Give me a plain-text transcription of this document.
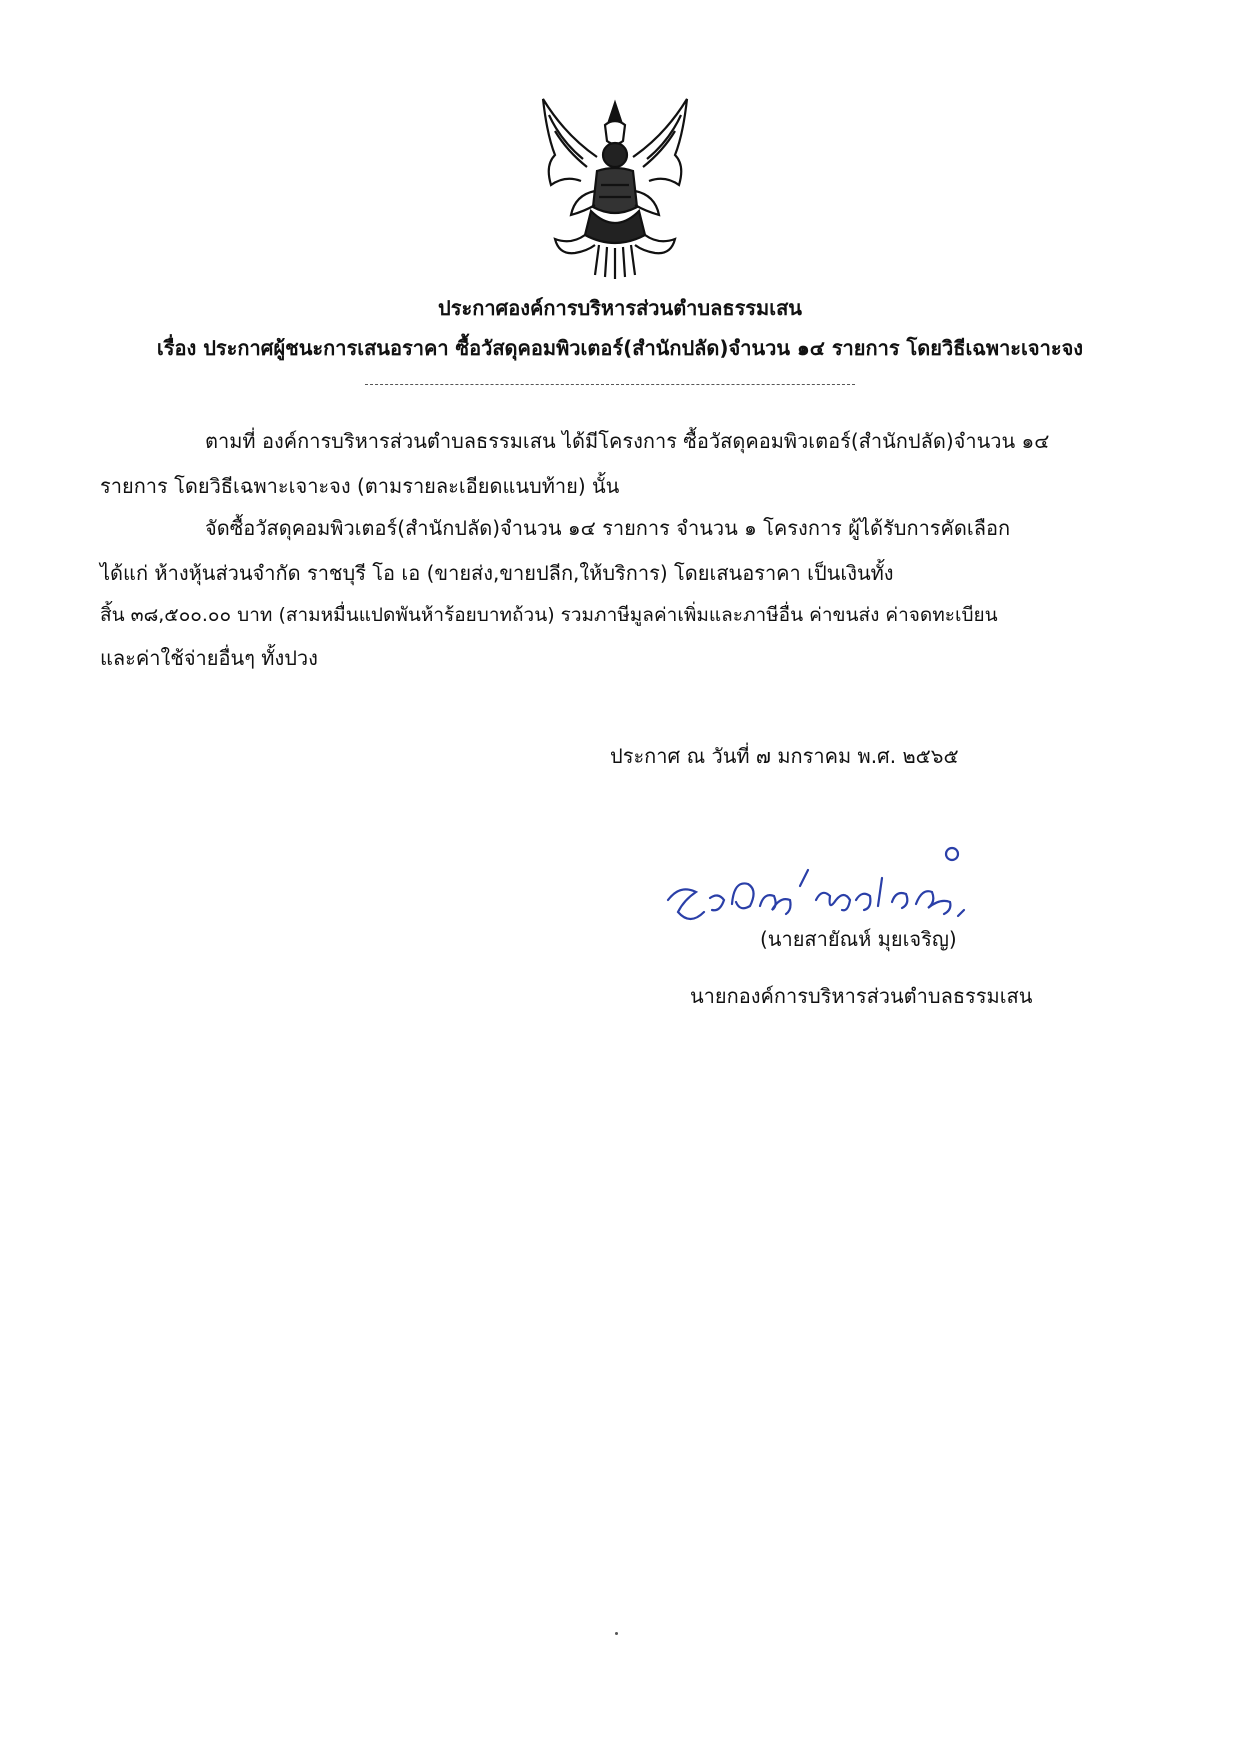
ประกาศองค์การบริหารส่วนตำบลธรรมเสน
เรื่อง ประกาศผู้ชนะการเสนอราคา ซื้อวัสดุคอมพิวเตอร์(สำนักปลัด)จำนวน ๑๔ รายการ โดยวิธีเฉพาะเจาะจง
ตามที่ องค์การบริหารส่วนตำบลธรรมเสน ได้มีโครงการ ซื้อวัสดุคอมพิวเตอร์(สำนักปลัด)จำนวน ๑๔
รายการ โดยวิธีเฉพาะเจาะจง (ตามรายละเอียดแนบท้าย) นั้น
จัดซื้อวัสดุคอมพิวเตอร์(สำนักปลัด)จำนวน ๑๔ รายการ จำนวน ๑ โครงการ ผู้ได้รับการคัดเลือก
ได้แก่ ห้างหุ้นส่วนจำกัด ราชบุรี โอ เอ (ขายส่ง,ขายปลีก,ให้บริการ) โดยเสนอราคา เป็นเงินทั้ง
สิ้น ๓๘,๕๐๐.๐๐ บาท (สามหมื่นแปดพันห้าร้อยบาทถ้วน) รวมภาษีมูลค่าเพิ่มและภาษีอื่น ค่าขนส่ง ค่าจดทะเบียน
และค่าใช้จ่ายอื่นๆ ทั้งปวง
ประกาศ ณ วันที่ ๗ มกราคม พ.ศ. ๒๕๖๕
(นายสายัณห์ มุยเจริญ)
นายกองค์การบริหารส่วนตำบลธรรมเสน
